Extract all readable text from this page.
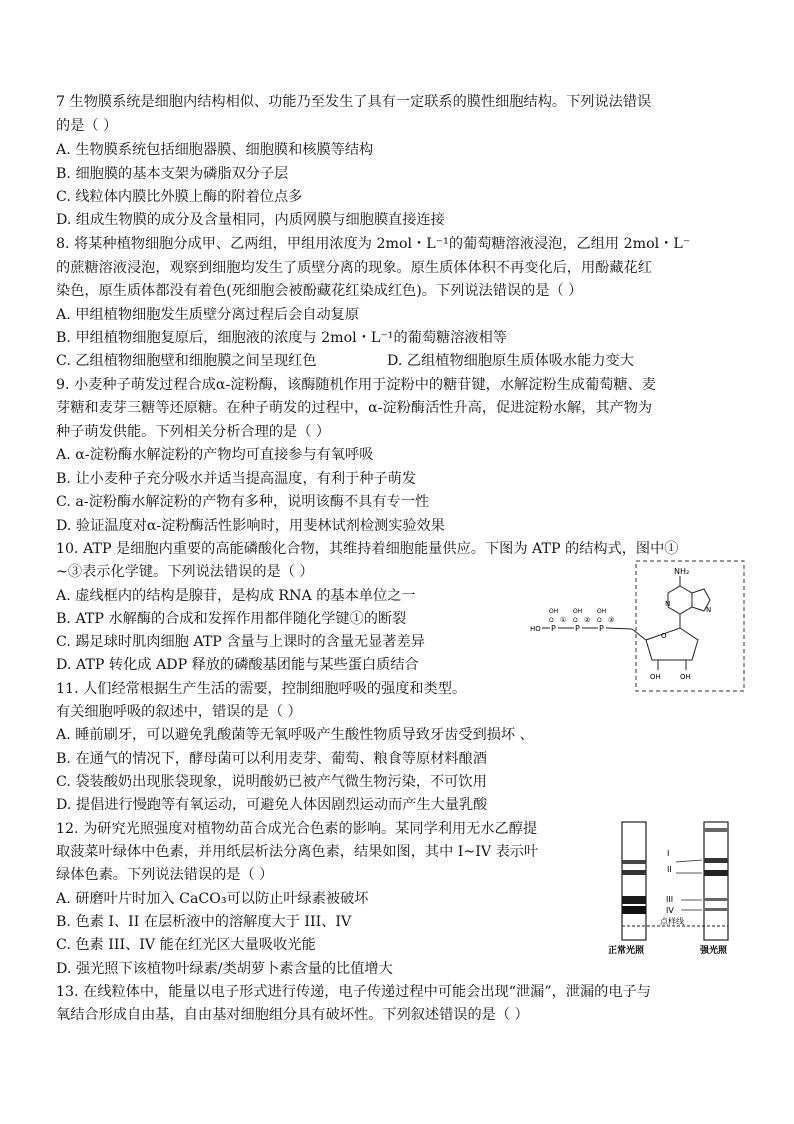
7 生物膜系统是细胞内结构相似、功能乃至发生了具有一定联系的膜性细胞结构。下列说法错误
的是（ ）
A. 生物膜系统包括细胞器膜、细胞膜和核膜等结构
B. 细胞膜的基本支架为磷脂双分子层
C. 线粒体内膜比外膜上酶的附着位点多
D. 组成生物膜的成分及含量相同，内质网膜与细胞膜直接连接
8. 将某种植物细胞分成甲、乙两组，甲组用浓度为 2mol・L⁻¹的葡萄糖溶液浸泡，乙组用 2mol・L⁻
的蔗糖溶液浸泡，观察到细胞均发生了质壁分离的现象。原生质体体积不再变化后，用酚藏花红
染色，原生质体都没有着色(死细胞会被酚藏花红染成红色)。下列说法错误的是（ ）
A. 甲组植物细胞发生质壁分离过程后会自动复原
B. 甲组植物细胞复原后，细胞液的浓度与 2mol・L⁻¹的葡萄糖溶液相等
C. 乙组植物细胞壁和细胞膜之间呈现红色	D. 乙组植物细胞原生质体吸水能力变大
9. 小麦种子萌发过程合成α-淀粉酶，该酶随机作用于淀粉中的糖苷键，水解淀粉生成葡萄糖、麦
芽糖和麦芽三糖等还原糖。在种子萌发的过程中，α-淀粉酶活性升高，促进淀粉水解，其产物为
种子萌发供能。下列相关分析合理的是（ ）
A. α-淀粉酶水解淀粉的产物均可直接参与有氧呼吸
B. 让小麦种子充分吸水并适当提高温度，有利于种子萌发
C. a-淀粉酶水解淀粉的产物有多种，说明该酶不具有专一性
D. 验证温度对α-淀粉酶活性影响时，用斐林试剂检测实验效果
10. ATP 是细胞内重要的高能磷酸化合物，其维持着细胞能量供应。下图为 ATP 的结构式，图中①
~③表示化学键。下列说法错误的是（ ）
A. 虚线框内的结构是腺苷，是构成 RNA 的基本单位之一
B. ATP 水解酶的合成和发挥作用都伴随化学键①的断裂
C. 踢足球时肌肉细胞 ATP 含量与上课时的含量无显著差异
D. ATP 转化成 ADP 释放的磷酸基团能与某些蛋白质结合
11. 人们经常根据生产生活的需要，控制细胞呼吸的强度和类型。
有关细胞呼吸的叙述中，错误的是（ ）
A. 睡前刷牙，可以避免乳酸菌等无氧呼吸产生酸性物质导致牙齿受到损坏 、
B. 在通气的情况下，酵母菌可以利用麦芽、葡萄、粮食等原材料酿酒
C. 袋装酸奶出现胀袋现象，说明酸奶已被产气微生物污染，不可饮用
D. 提倡进行慢跑等有氧运动，可避免人体因剧烈运动而产生大量乳酸
12. 为研究光照强度对植物幼苗合成光合色素的影响。某同学利用无水乙醇提
取菠菜叶绿体中色素，并用纸层析法分离色素，结果如图，其中 I~IV 表示叶
绿体色素。下列说法错误的是（ ）
A. 研磨叶片时加入 CaCO₃可以防止叶绿素被破坏
B. 色素 I、II 在层析液中的溶解度大于 III、IV
C. 色素 III、IV 能在红光区大量吸收光能
D. 强光照下该植物叶绿素/类胡萝卜素含量的比值增大
13. 在线粒体中，能量以电子形式进行传递，电子传递过程中可能会出现“泄漏”，泄漏的电子与
氧结合形成自由基，自由基对细胞组分具有破坏性。下列叙述错误的是（ ）
NH₂
N
N
O
OH	OH
HO P
OH
O ①
P
OH
O ②
P
OH
O ③
I
II
III
IV
点样线
正常光照	强光照
